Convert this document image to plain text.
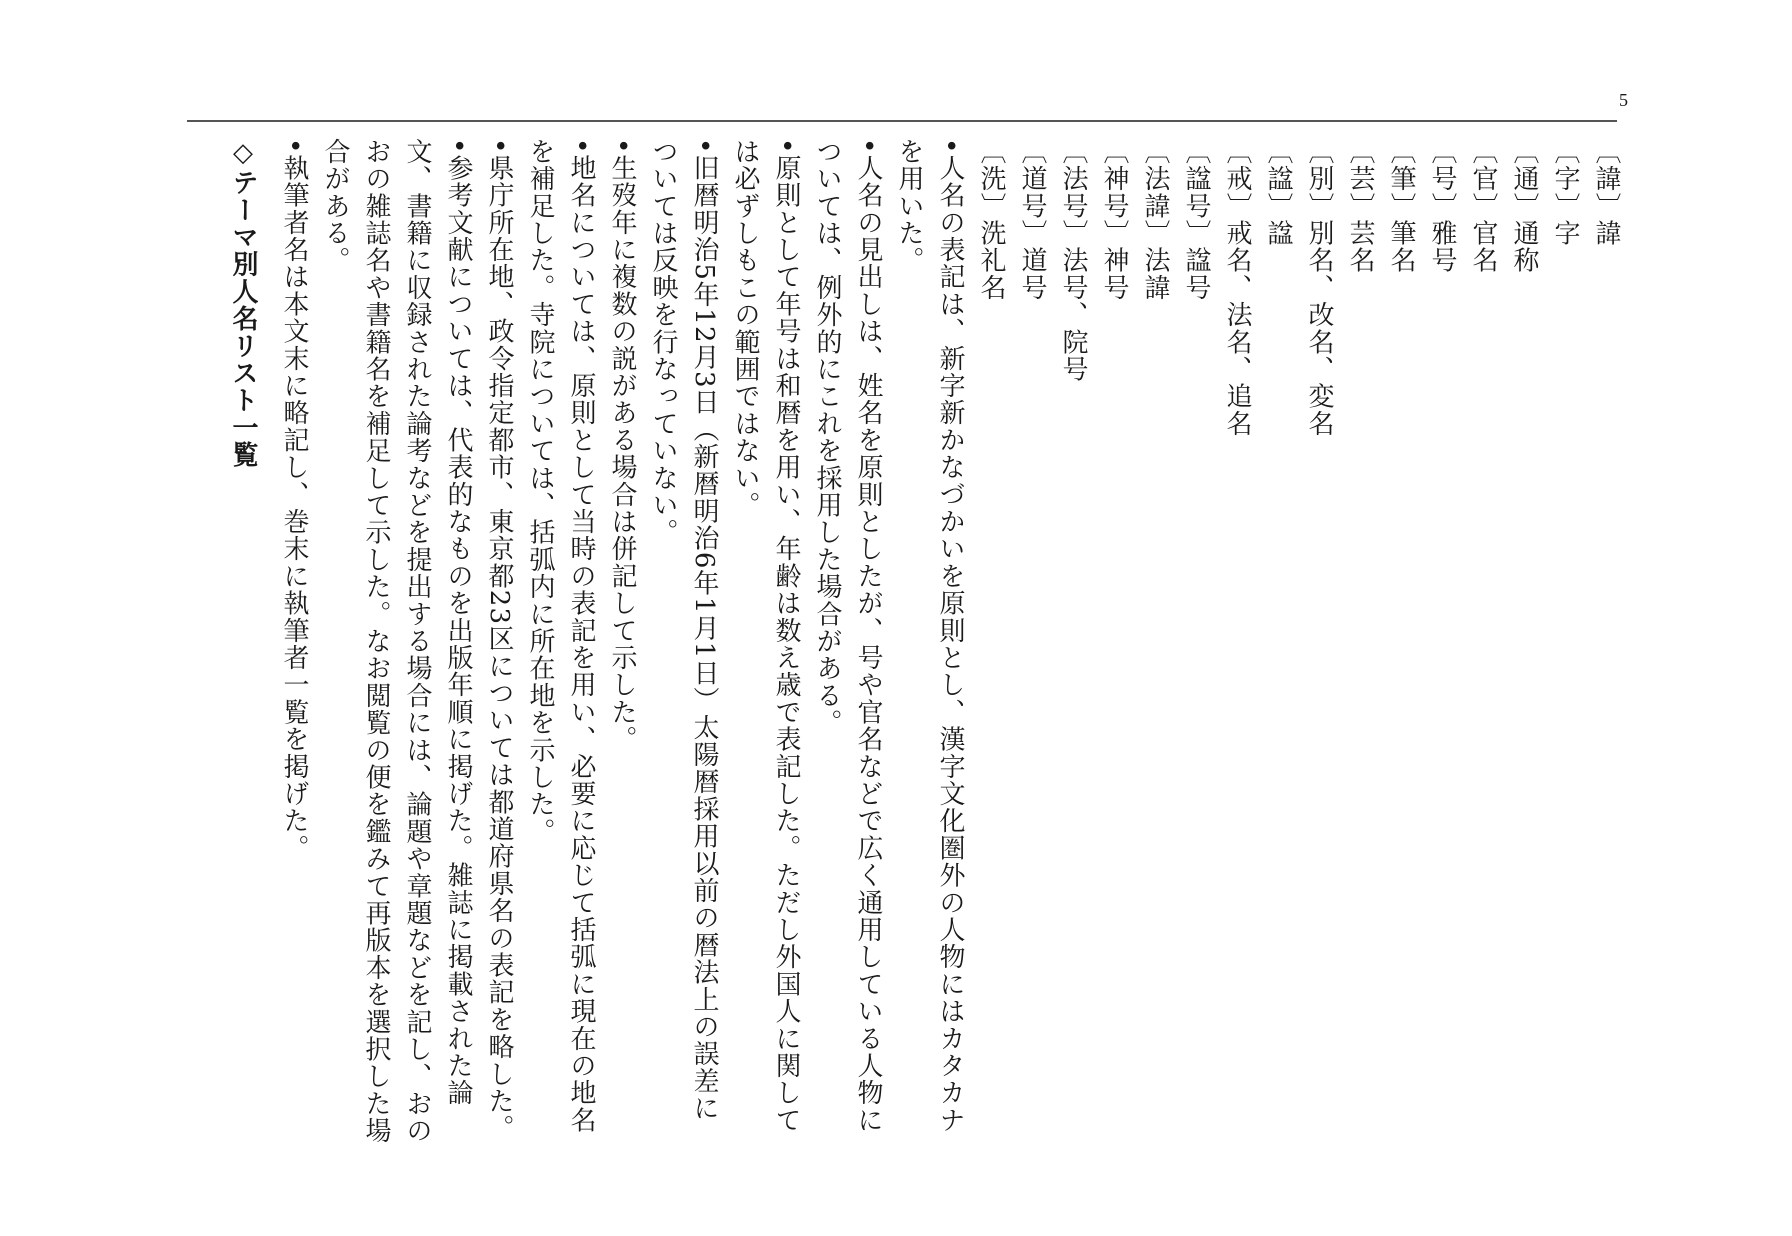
5
〔諱〕諱
〔字〕字
〔通〕通称
〔官〕官名
〔号〕雅号
〔筆〕筆名
〔芸〕芸名
〔別〕別名、改名、変名
〔諡〕諡
〔戒〕戒名、法名、追名
〔諡号〕諡号
〔法諱〕法諱
〔神号〕神号
〔法号〕法号、院号
〔道号〕道号
〔洗〕洗礼名
•人名の表記は、新字新かなづかいを原則とし、漢字文化圏外の人物にはカタカナを用いた。
•人名の見出しは、姓名を原則としたが、号や官名などで広く通用している人物については、例外的にこれを採用した場合がある。
•原則として年号は和暦を用い、年齢は数え歳で表記した。ただし外国人に関しては必ずしもこの範囲ではない。
•旧暦明治5年12月3日（新暦明治6年1月1日）太陽暦採用以前の暦法上の誤差については反映を行なっていない。
•生歿年に複数の説がある場合は併記して示した。
•地名については、原則として当時の表記を用い、必要に応じて括弧に現在の地名を補足した。寺院については、括弧内に所在地を示した。
•県庁所在地、政令指定都市、東京都23区については都道府県名の表記を略した。
•参考文献については、代表的なものを出版年順に掲げた。雑誌に掲載された論文、書籍に収録された論考などを提出する場合には、論題や章題などを記し、おのおの雑誌名や書籍名を補足して示した。なお閲覧の便を鑑みて再版本を選択した場合がある。
•執筆者名は本文末に略記し、巻末に執筆者一覧を掲げた。
◇テーマ別人名リスト一覧
